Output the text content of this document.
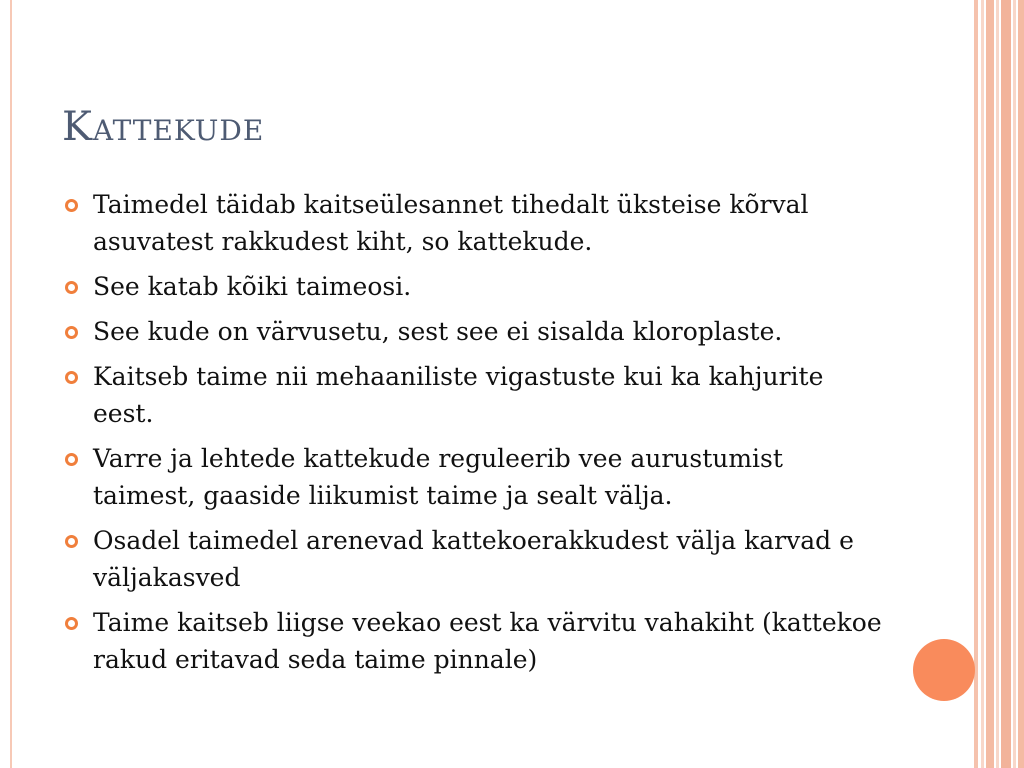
Kattekude
Taimedel täidab kaitseülesannet tihedalt üksteise kõrval asuvatest rakkudest kiht, so kattekude.
See katab kõiki taimeosi.
See kude on värvusetu, sest see ei sisalda kloroplaste.
Kaitseb taime nii mehaaniliste vigastuste kui ka kahjurite eest.
Varre ja lehtede kattekude reguleerib vee aurustumist taimest, gaaside liikumist taime ja sealt välja.
Osadel taimedel arenevad kattekoerakkudest välja karvad e väljakasved
Taime kaitseb liigse veekao eest ka värvitu vahakiht (kattekoe rakud eritavad seda taime pinnale)
